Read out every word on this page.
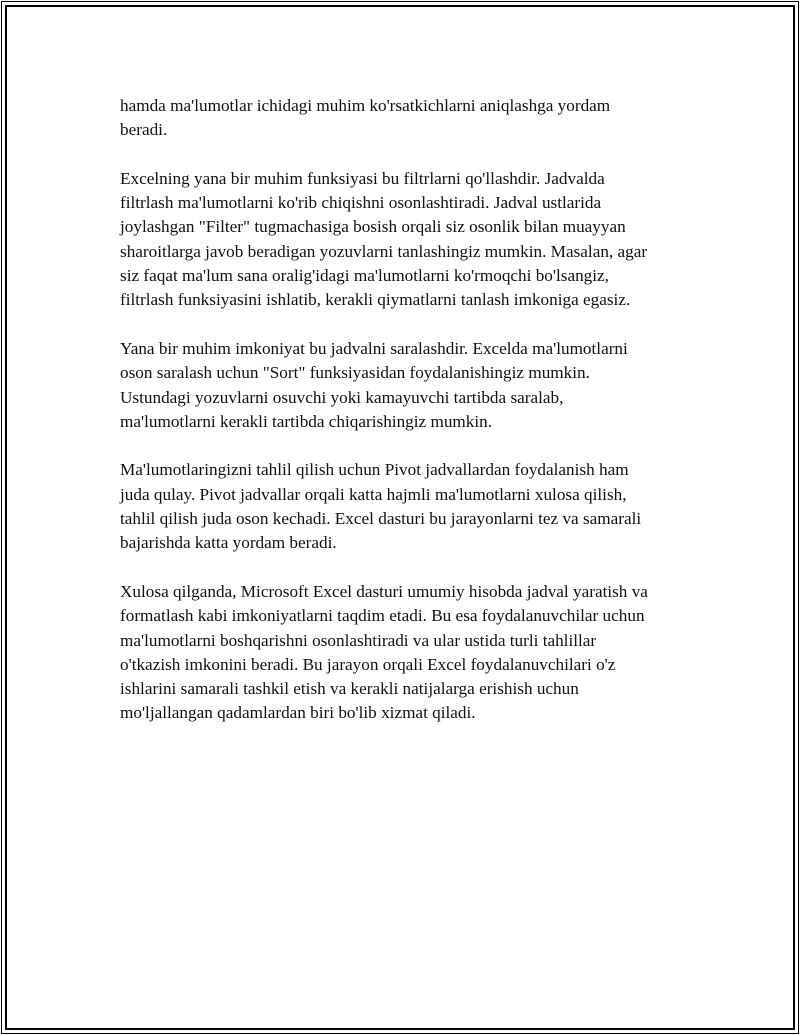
hamda ma'lumotlar ichidagi muhim ko'rsatkichlarni aniqlashga yordam
beradi.

Excelning yana bir muhim funksiyasi bu filtrlarni qo'llashdir. Jadvalda
filtrlash ma'lumotlarni ko'rib chiqishni osonlashtiradi. Jadval ustlarida
joylashgan "Filter" tugmachasiga bosish orqali siz osonlik bilan muayyan
sharoitlarga javob beradigan yozuvlarni tanlashingiz mumkin. Masalan, agar
siz faqat ma'lum sana oralig'idagi ma'lumotlarni ko'rmoqchi bo'lsangiz,
filtrlash funksiyasini ishlatib, kerakli qiymatlarni tanlash imkoniga egasiz.

Yana bir muhim imkoniyat bu jadvalni saralashdir. Excelda ma'lumotlarni
oson saralash uchun "Sort" funksiyasidan foydalanishingiz mumkin.
Ustundagi yozuvlarni osuvchi yoki kamayuvchi tartibda saralab,
ma'lumotlarni kerakli tartibda chiqarishingiz mumkin.

Ma'lumotlaringizni tahlil qilish uchun Pivot jadvallardan foydalanish ham
juda qulay. Pivot jadvallar orqali katta hajmli ma'lumotlarni xulosa qilish,
tahlil qilish juda oson kechadi. Excel dasturi bu jarayonlarni tez va samarali
bajarishda katta yordam beradi.

Xulosa qilganda, Microsoft Excel dasturi umumiy hisobda jadval yaratish va
formatlash kabi imkoniyatlarni taqdim etadi. Bu esa foydalanuvchilar uchun
ma'lumotlarni boshqarishni osonlashtiradi va ular ustida turli tahlillar
o'tkazish imkonini beradi. Bu jarayon orqali Excel foydalanuvchilari o'z
ishlarini samarali tashkil etish va kerakli natijalarga erishish uchun
mo'ljallangan qadamlardan biri bo'lib xizmat qiladi.
